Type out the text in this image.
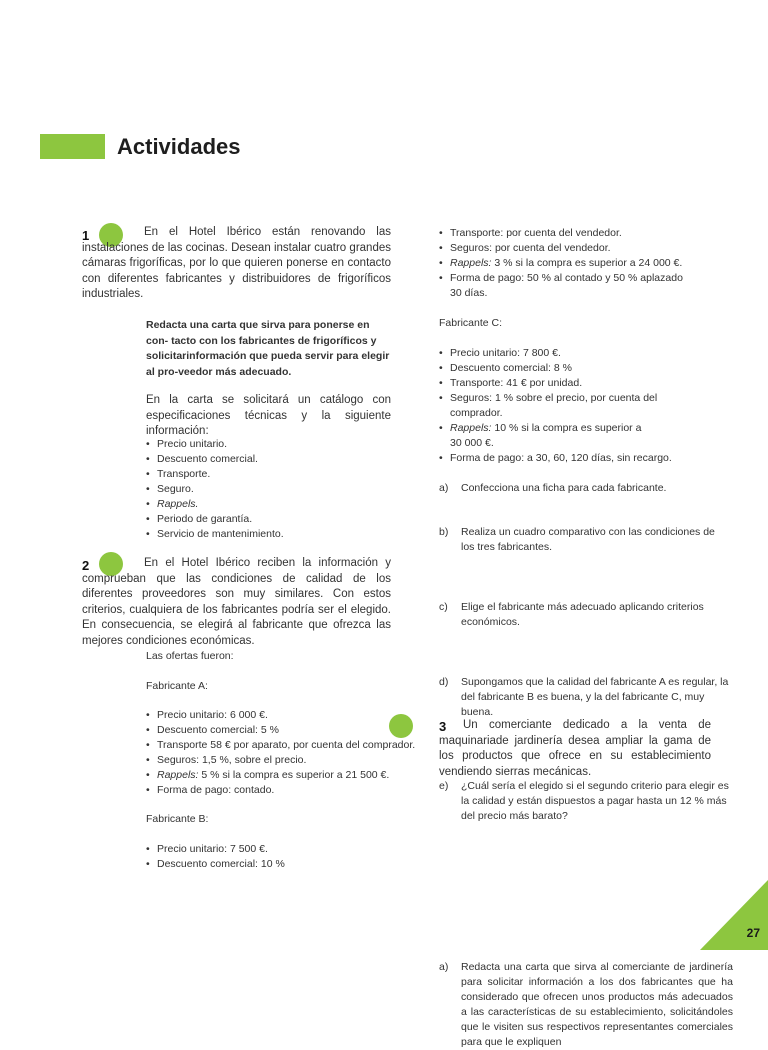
Actividades
1	En el Hotel Ibérico están renovando las instalaciones de las cocinas. Desean instalar cuatro grandes cámaras frigoríficas, por lo que quieren ponerse en contacto con diferentes fabricantes y distribuidores de frigoríficos industriales.
Redacta una carta que sirva para ponerse en con- tacto con los fabricantes de frigoríficos y solicitarinformación que pueda servir para elegir al pro-veedor más adecuado.
En la carta se solicitará un catálogo con especificaciones técnicas y la siguiente información:
• Precio unitario.
• Descuento comercial.
• Transporte.
• Seguro.
• Rappels.
• Periodo de garantía.
• Servicio de mantenimiento.
2	En el Hotel Ibérico reciben la información y comprueban que las condiciones de calidad de los diferentes proveedores son muy similares. Con estos criterios, cualquiera de los fabricantes podría ser el elegido. En consecuencia, se elegirá al fabricante que ofrezca las mejores condiciones económicas.
Las ofertas fueron:
Fabricante A:
• Precio unitario: 6 000 €.
• Descuento comercial: 5 %
• Transporte 58 € por aparato, por cuenta del comprador.
• Seguros: 1,5 %, sobre el precio.
• Rappels: 5 % si la compra es superior a 21 500 €.
• Forma de pago: contado.
Fabricante B:
• Precio unitario: 7 500 €.
• Descuento comercial: 10 %
• Transporte: por cuenta del vendedor.
• Seguros: por cuenta del vendedor.
• Rappels: 3 % si la compra es superior a 24 000 €.
• Forma de pago: 50 % al contado y 50 % aplazado
30 días.
Fabricante C:
• Precio unitario: 7 800 €.
• Descuento comercial: 8 %
• Transporte: 41 € por unidad.
• Seguros: 1 % sobre el precio, por cuenta del
comprador.
• Rappels: 10 % si la compra es superior a
30 000 €.
• Forma de pago: a 30, 60, 120 días, sin recargo.
a) Confecciona una ficha para cada fabricante.
b) Realiza un cuadro comparativo con las condiciones de los tres fabricantes.
c) Elige el fabricante más adecuado aplicando criterios económicos.
d) Supongamos que la calidad del fabricante A es regular, la del fabricante B es buena, y la del fabricante C, muy buena.
e) ¿Cuál sería el elegido si el segundo criterio para elegir es la calidad y están dispuestos a pagar hasta un 12 % más del precio más barato?
3	Un comerciante dedicado a la venta de maquinariade jardinería desea ampliar la gama de los productos que ofrece en su establecimiento vendiendo sierras mecánicas.
a) Redacta una carta que sirva al comerciante de jardinería para solicitar información a los dos fabricantes que ha considerado que ofrecen unos productos más adecuados a las características de su establecimiento, solicitándoles que le visiten sus respectivos representantes comerciales para que le expliquen
27
